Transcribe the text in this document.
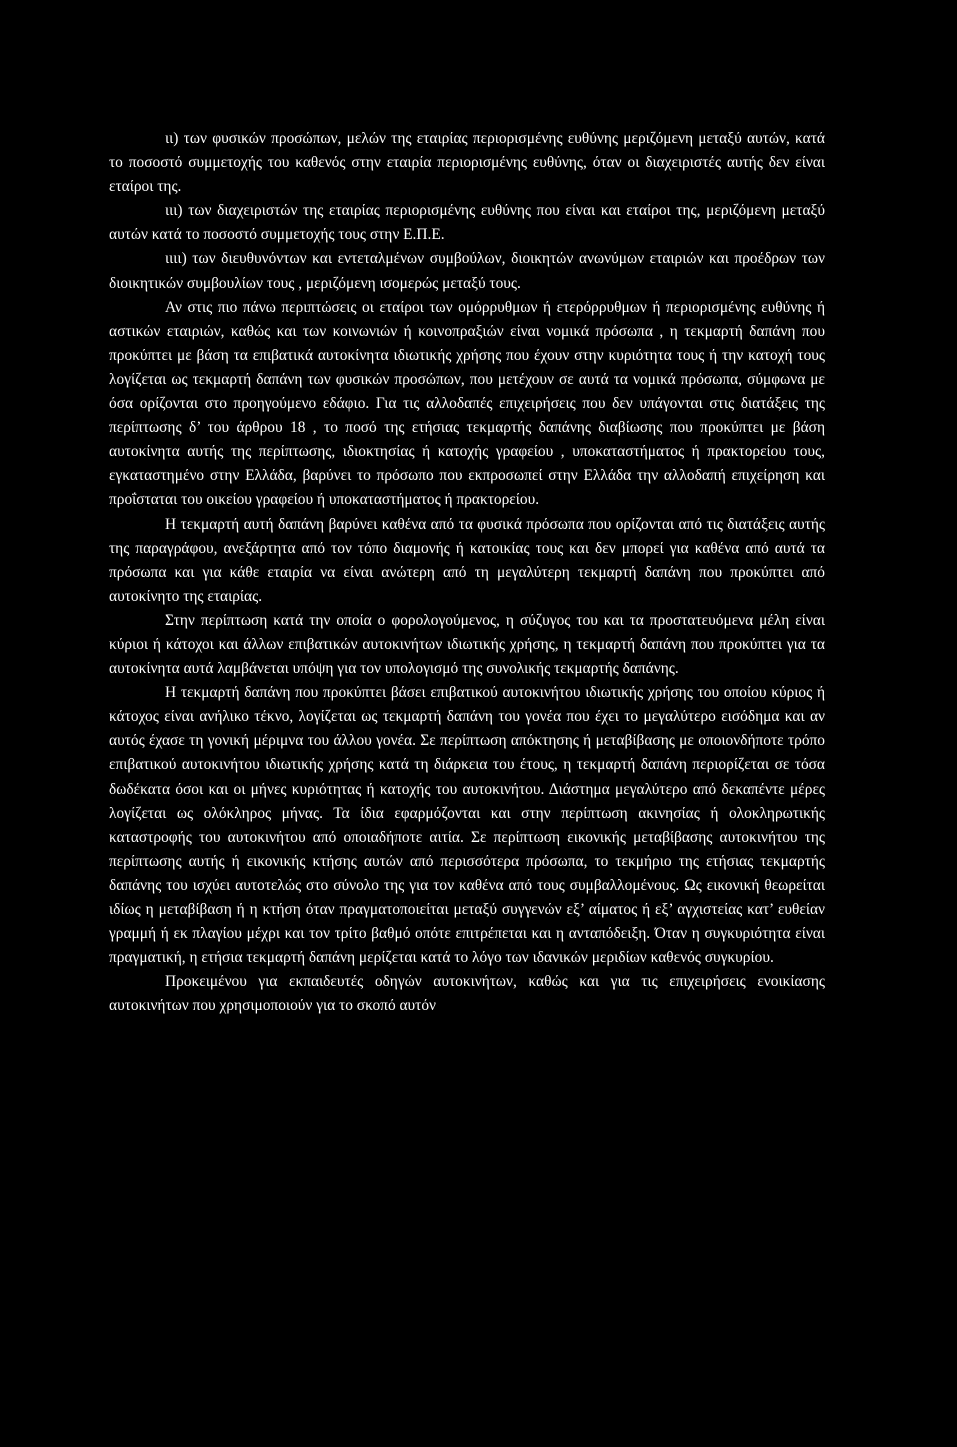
ιι) των φυσικών προσώπων, μελών της εταιρίας περιορισμένης ευθύνης μεριζόμενη μεταξύ αυτών, κατά το ποσοστό συμμετοχής του καθενός στην εταιρία περιορισμένης ευθύνης, όταν οι διαχειριστές αυτής δεν είναι εταίροι της.

ιιι) των διαχειριστών της εταιρίας περιορισμένης ευθύνης που είναι και εταίροι της, μεριζόμενη μεταξύ αυτών κατά το ποσοστό συμμετοχής τους στην Ε.Π.Ε.

ιιιι) των διευθυνόντων και εντεταλμένων συμβούλων, διοικητών ανωνύμων εταιριών και προέδρων των διοικητικών συμβουλίων τους , μεριζόμενη ισομερώς μεταξύ τους.

Αν στις πιο πάνω περιπτώσεις οι εταίροι των ομόρρυθμων ή ετερόρρυθμων ή περιορισμένης ευθύνης ή αστικών εταιριών, καθώς και των κοινωνιών ή κοινοπραξιών είναι νομικά πρόσωπα , η τεκμαρτή δαπάνη που προκύπτει με βάση τα επιβατικά αυτοκίνητα ιδιωτικής χρήσης που έχουν στην κυριότητα τους ή την κατοχή τους λογίζεται ως τεκμαρτή δαπάνη των φυσικών προσώπων, που μετέχουν σε αυτά τα νομικά πρόσωπα, σύμφωνα με όσα ορίζονται στο προηγούμενο εδάφιο. Για τις αλλοδαπές επιχειρήσεις που δεν υπάγονται στις διατάξεις της περίπτωσης δ’ του άρθρου 18 , το ποσό της ετήσιας τεκμαρτής δαπάνης διαβίωσης που προκύπτει με βάση αυτοκίνητα αυτής της περίπτωσης, ιδιοκτησίας ή κατοχής γραφείου , υποκαταστήματος ή πρακτορείου τους, εγκαταστημένο στην Ελλάδα, βαρύνει το πρόσωπο που εκπροσωπεί στην Ελλάδα την αλλοδαπή επιχείρηση και προΐσταται του οικείου γραφείου ή υποκαταστήματος ή πρακτορείου.

Η τεκμαρτή αυτή δαπάνη βαρύνει καθένα από τα φυσικά πρόσωπα που ορίζονται από τις διατάξεις αυτής της παραγράφου, ανεξάρτητα από τον τόπο διαμονής ή κατοικίας τους και δεν μπορεί για καθένα από αυτά τα πρόσωπα και για κάθε εταιρία να είναι ανώτερη από τη μεγαλύτερη τεκμαρτή δαπάνη που προκύπτει από αυτοκίνητο της εταιρίας.

Στην περίπτωση κατά την οποία ο φορολογούμενος, η σύζυγος του και τα προστατευόμενα μέλη είναι κύριοι ή κάτοχοι και άλλων επιβατικών αυτοκινήτων ιδιωτικής χρήσης, η τεκμαρτή δαπάνη που προκύπτει για τα αυτοκίνητα αυτά λαμβάνεται υπόψη για τον υπολογισμό της συνολικής τεκμαρτής δαπάνης.

Η τεκμαρτή δαπάνη που προκύπτει βάσει επιβατικού αυτοκινήτου ιδιωτικής χρήσης του οποίου κύριος ή κάτοχος είναι ανήλικο τέκνο, λογίζεται ως τεκμαρτή δαπάνη του γονέα που έχει το μεγαλύτερο εισόδημα και αν αυτός έχασε τη γονική μέριμνα του άλλου γονέα. Σε περίπτωση απόκτησης ή μεταβίβασης με οποιονδήποτε τρόπο επιβατικού αυτοκινήτου ιδιωτικής χρήσης κατά τη διάρκεια του έτους, η τεκμαρτή δαπάνη περιορίζεται σε τόσα δωδέκατα όσοι και οι μήνες κυριότητας ή κατοχής του αυτοκινήτου. Διάστημα μεγαλύτερο από δεκαπέντε μέρες λογίζεται ως ολόκληρος μήνας. Τα ίδια εφαρμόζονται και στην περίπτωση ακινησίας ή ολοκληρωτικής καταστροφής του αυτοκινήτου από οποιαδήποτε αιτία. Σε περίπτωση εικονικής μεταβίβασης αυτοκινήτου της περίπτωσης αυτής ή εικονικής κτήσης αυτών από περισσότερα πρόσωπα, το τεκμήριο της ετήσιας τεκμαρτής δαπάνης του ισχύει αυτοτελώς στο σύνολο της για τον καθένα από τους συμβαλλομένους. Ως εικονική θεωρείται ιδίως η μεταβίβαση ή η κτήση όταν πραγματοποιείται μεταξύ συγγενών εξ’ αίματος ή εξ’ αγχιστείας κατ’ ευθείαν γραμμή ή εκ πλαγίου μέχρι και τον τρίτο βαθμό οπότε επιτρέπεται και η ανταπόδειξη. Όταν η συγκυριότητα είναι πραγματική, η ετήσια τεκμαρτή δαπάνη μερίζεται κατά το λόγο των ιδανικών μεριδίων καθενός συγκυρίου.

Προκειμένου για εκπαιδευτές οδηγών αυτοκινήτων, καθώς και για τις επιχειρήσεις ενοικίασης αυτοκινήτων που χρησιμοποιούν για το σκοπό αυτόν
